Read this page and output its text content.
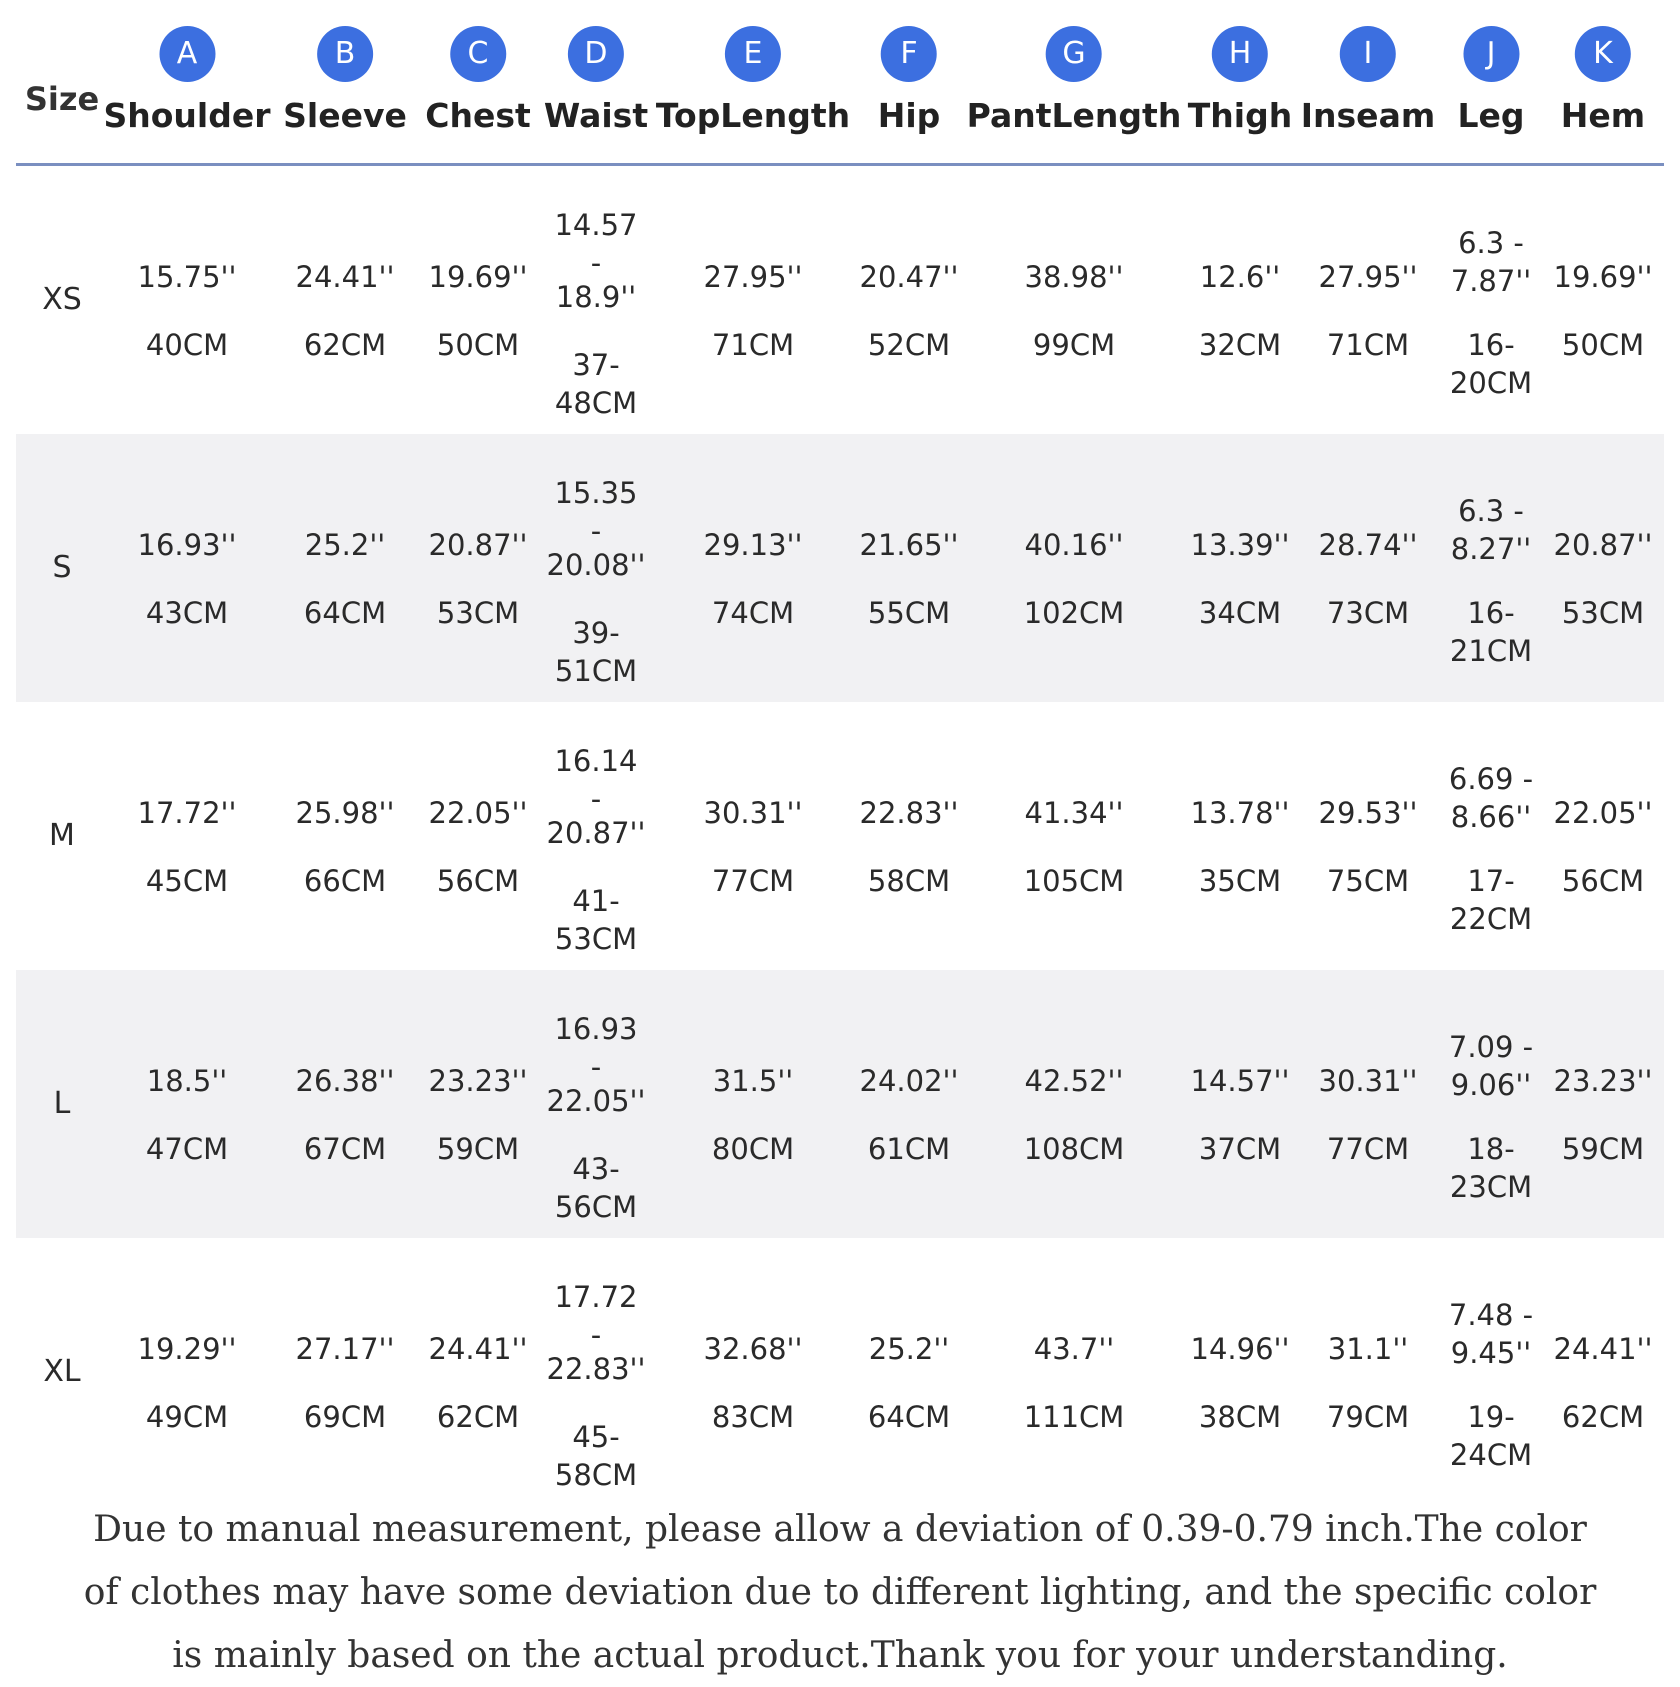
Size
A
Shoulder
B
Sleeve
C
Chest
D
Waist
E
TopLength
F
Hip
G
PantLength
H
Thigh
I
Inseam
J
Leg
K
Hem
XS
15.75''
40CM
24.41''
62CM
19.69''
50CM
27.95''
71CM
20.47''
52CM
38.98''
99CM
12.6''
32CM
27.95''
71CM
19.69''
50CM
14.57
-
18.9''
37-
48CM
6.3 -
7.87''
16-
20CM
S
16.93''
43CM
25.2''
64CM
20.87''
53CM
29.13''
74CM
21.65''
55CM
40.16''
102CM
13.39''
34CM
28.74''
73CM
20.87''
53CM
15.35
-
20.08''
39-
51CM
6.3 -
8.27''
16-
21CM
M
17.72''
45CM
25.98''
66CM
22.05''
56CM
30.31''
77CM
22.83''
58CM
41.34''
105CM
13.78''
35CM
29.53''
75CM
22.05''
56CM
16.14
-
20.87''
41-
53CM
6.69 -
8.66''
17-
22CM
L
18.5''
47CM
26.38''
67CM
23.23''
59CM
31.5''
80CM
24.02''
61CM
42.52''
108CM
14.57''
37CM
30.31''
77CM
23.23''
59CM
16.93
-
22.05''
43-
56CM
7.09 -
9.06''
18-
23CM
XL
19.29''
49CM
27.17''
69CM
24.41''
62CM
32.68''
83CM
25.2''
64CM
43.7''
111CM
14.96''
38CM
31.1''
79CM
24.41''
62CM
17.72
-
22.83''
45-
58CM
7.48 -
9.45''
19-
24CM
Due to manual measurement, please allow a deviation of 0.39-0.79 inch.The color
of clothes may have some deviation due to different lighting, and the specific color
is mainly based on the actual product.Thank you for your understanding.
